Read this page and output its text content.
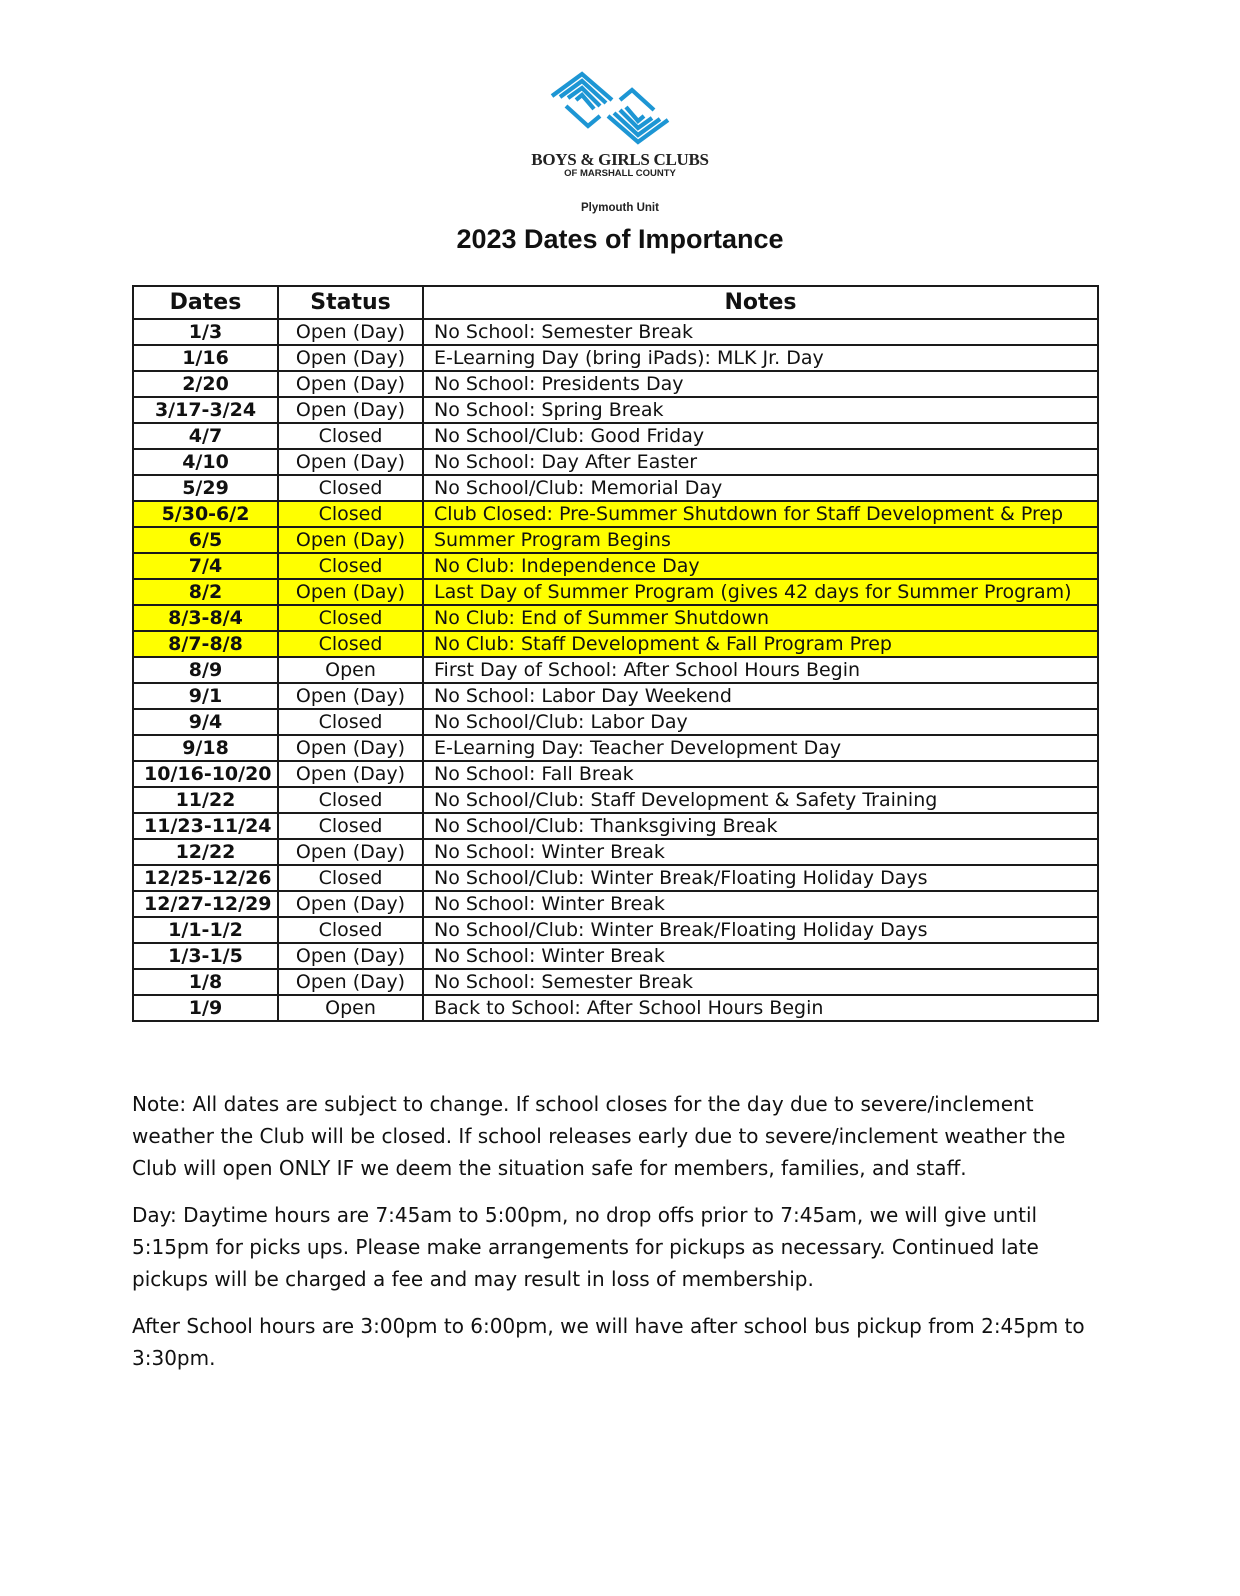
BOYS & GIRLS CLUBS
OF MARSHALL COUNTY
Plymouth Unit
2023 Dates of Importance
Dates	Status	Notes
1/3	Open (Day)	No School: Semester Break
1/16	Open (Day)	E-Learning Day (bring iPads): MLK Jr. Day
2/20	Open (Day)	No School: Presidents Day
3/17-3/24	Open (Day)	No School: Spring Break
4/7	Closed	No School/Club: Good Friday
4/10	Open (Day)	No School: Day After Easter
5/29	Closed	No School/Club: Memorial Day
5/30-6/2	Closed	Club Closed: Pre-Summer Shutdown for Staff Development & Prep
6/5	Open (Day)	Summer Program Begins
7/4	Closed	No Club: Independence Day
8/2	Open (Day)	Last Day of Summer Program (gives 42 days for Summer Program)
8/3-8/4	Closed	No Club: End of Summer Shutdown
8/7-8/8	Closed	No Club: Staff Development & Fall Program Prep
8/9	Open	First Day of School: After School Hours Begin
9/1	Open (Day)	No School: Labor Day Weekend
9/4	Closed	No School/Club: Labor Day
9/18	Open (Day)	E-Learning Day: Teacher Development Day
10/16-10/20	Open (Day)	No School: Fall Break
11/22	Closed	No School/Club: Staff Development & Safety Training
11/23-11/24	Closed	No School/Club: Thanksgiving Break
12/22	Open (Day)	No School: Winter Break
12/25-12/26	Closed	No School/Club: Winter Break/Floating Holiday Days
12/27-12/29	Open (Day)	No School: Winter Break
1/1-1/2	Closed	No School/Club: Winter Break/Floating Holiday Days
1/3-1/5	Open (Day)	No School: Winter Break
1/8	Open (Day)	No School: Semester Break
1/9	Open	Back to School: After School Hours Begin

Note: All dates are subject to change. If school closes for the day due to severe/inclement weather the Club will be closed. If school releases early due to severe/inclement weather the Club will open ONLY IF we deem the situation safe for members, families, and staff.

Day: Daytime hours are 7:45am to 5:00pm, no drop offs prior to 7:45am, we will give until 5:15pm for picks ups. Please make arrangements for pickups as necessary. Continued late pickups will be charged a fee and may result in loss of membership.

After School hours are 3:00pm to 6:00pm, we will have after school bus pickup from 2:45pm to 3:30pm.
